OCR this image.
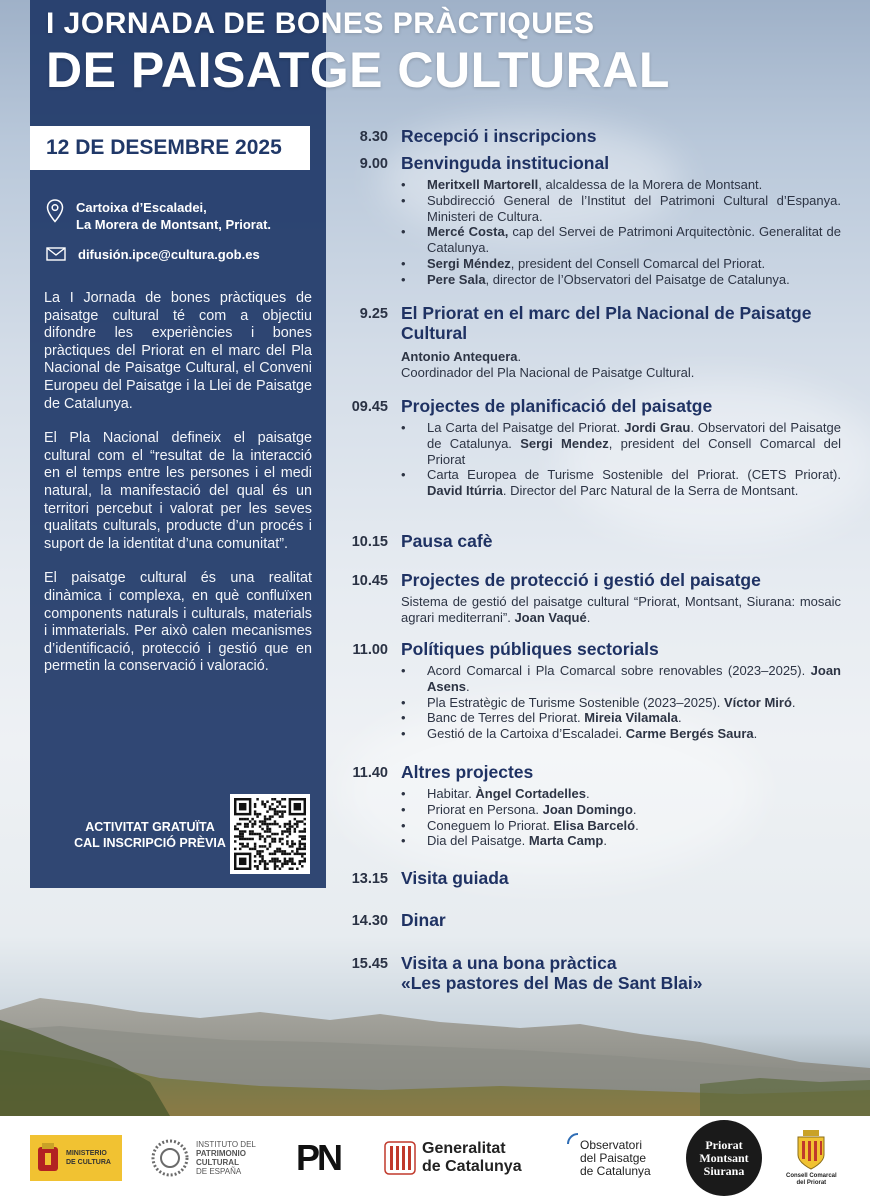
12 DE DESEMBRE 2025
Cartoixa d’Escaladei,
La Morera de Montsant, Priorat.
difusión.ipce@cultura.gob.es

La I Jornada de bones pràctiques de paisatge cultural té com a objectiu difondre les experiències i bones pràctiques del Priorat en el marc del Pla Nacional de Paisatge Cultural, el Conveni Europeu del Paisatge i la Llei de Paisatge de Catalunya.

El Pla Nacional defineix el paisatge cultural com el “resultat de la interacció en el temps entre les persones i el medi natural, la manifestació del qual és un territori percebut i valorat per les seves qualitats culturals, producte d’un procés i suport de la identitat d’una comunitat”.

El paisatge cultural és una realitat dinàmica i complexa, en què confluïxen components naturals i culturals, materials i immaterials. Per això calen mecanismes d’identificació, protecció i gestió que en permetin la conservació i valoració.

ACTIVITAT GRATUÏTA
CAL INSCRIPCIÓ PRÈVIA
I JORNADA DE BONES PRÀCTIQUES
DE PAISATGE CULTURAL
8.30 Recepció i inscripcions
9.00 Benvinguda institucional
• Meritxell Martorell, alcaldessa de la Morera de Montsant.
• Subdirecció General de l’Institut del Patrimoni Cultural d’Espanya. Ministeri de Cultura.
• Mercé Costa, cap del Servei de Patrimoni Arquitectònic. Generalitat de Catalunya.
• Sergi Méndez, president del Consell Comarcal del Priorat.
• Pere Sala, director de l’Observatori del Paisatge de Catalunya.
9.25 El Priorat en el marc del Pla Nacional de Paisatge Cultural
Antonio Antequera.
Coordinador del Pla Nacional de Paisatge Cultural.
09.45 Projectes de planificació del paisatge
• La Carta del Paisatge del Priorat. Jordi Grau. Observatori del Paisatge de Catalunya. Sergi Mendez, president del Consell Comarcal del Priorat
• Carta Europea de Turisme Sostenible del Priorat. (CETS Priorat). David Itúrria. Director del Parc Natural de la Serra de Montsant.
10.15 Pausa cafè
10.45 Projectes de protecció i gestió del paisatge
Sistema de gestió del paisatge cultural “Priorat, Montsant, Siurana: mosaic agrari mediterrani”. Joan Vaqué.
11.00 Polítiques públiques sectorials
• Acord Comarcal i Pla Comarcal sobre renovables (2023–2025). Joan Asens.
• Pla Estratègic de Turisme Sostenible (2023–2025). Víctor Miró.
• Banc de Terres del Priorat. Mireia Vilamala.
• Gestió de la Cartoixa d’Escaladei. Carme Bergés Saura.
11.40 Altres projectes
• Habitar. Àngel Cortadelles.
• Priorat en Persona. Joan Domingo.
• Coneguem lo Priorat. Elisa Barceló.
• Dia del Paisatge. Marta Camp.
13.15 Visita guiada
14.30 Dinar
15.45 Visita a una bona pràctica
«Les pastores del Mas de Sant Blai»
MINISTERIO
DE CULTURA
INSTITUTO DEL
PATRIMONIO
CULTURAL
DE ESPAÑA	PN	Generalitat
de Catalunya
Observatori
del Paisatge
de Catalunya
Priorat
Montsant
Siurana	Consell Comarcal
del Priorat
